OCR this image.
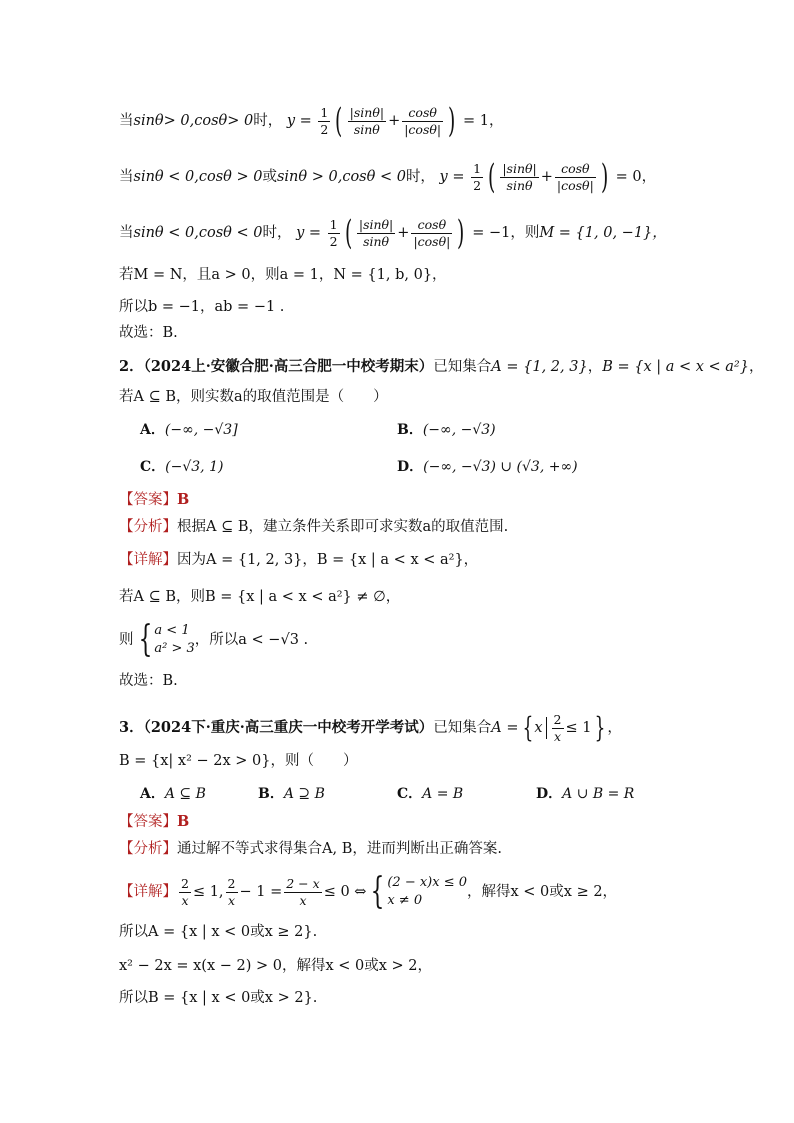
当sinθ> 0,cosθ> 0时， $y = \frac{1}{2}$ ( $\frac{|\sin\theta|}{\sin\theta} + \frac{\cos\theta}{|\cos\theta|}$ ) = 1，
当sinθ < 0,cosθ > 0或sinθ > 0,cosθ < 0时， $y = \frac{1}{2}$ ( $\frac{|\sin\theta|}{\sin\theta} + \frac{\cos\theta}{|\cos\theta|}$ ) = 0，
当sinθ < 0,cosθ < 0时， $y = \frac{1}{2}$ ( $\frac{|\sin\theta|}{\sin\theta} + \frac{\cos\theta}{|\cos\theta|}$ ) = −1，则M = {1, 0, −1}，
若M = N，且a > 0，则a = 1，N = {1, b, 0}，
所以b = −1，ab = −1 .
故选：B.
2．（2024上·安徽合肥·高三合肥一中校考期末）已知集合A = {1, 2, 3}，B = {x | a < x < a²}，
若A ⊆ B，则实数a的取值范围是（　　）
A．(−∞, −√3]	B．(−∞, −√3)
C．(−√3, 1)	D．(−∞, −√3) ∪ (√3, +∞)
【答案】B
【分析】根据A ⊆ B，建立条件关系即可求实数a的取值范围.
【详解】因为A = {1, 2, 3}，B = {x | a < x < a²}，
若A ⊆ B，则B = {x | a < x < a²} ≠ ∅，
则 { a < 1
a² > 3
，所以a < −√3 .
故选：B.
3．（2024下·重庆·高三重庆一中校考开学考试）已知集合A = { x $\frac{2}{x} \le 1$ } ，
B = {x| x² − 2x > 0}，则（　　）
A．A ⊆ B	B．A ⊇ B	C．A = B	D．A ∪ B = R
【答案】B
【分析】通过解不等式求得集合A, B，进而判断出正确答案.
【详解】 $\frac{2}{x} \le 1$, $\frac{2}{x} - 1 = \frac{2 - x}{x} \le 0$ ⇔ { (2 − x)x ≤ 0
x ≠ 0
，解得x < 0或x ≥ 2，
所以A = {x | x < 0或x ≥ 2}.
x² − 2x = x(x − 2) > 0，解得x < 0或x > 2，
所以B = {x | x < 0或x > 2}.
